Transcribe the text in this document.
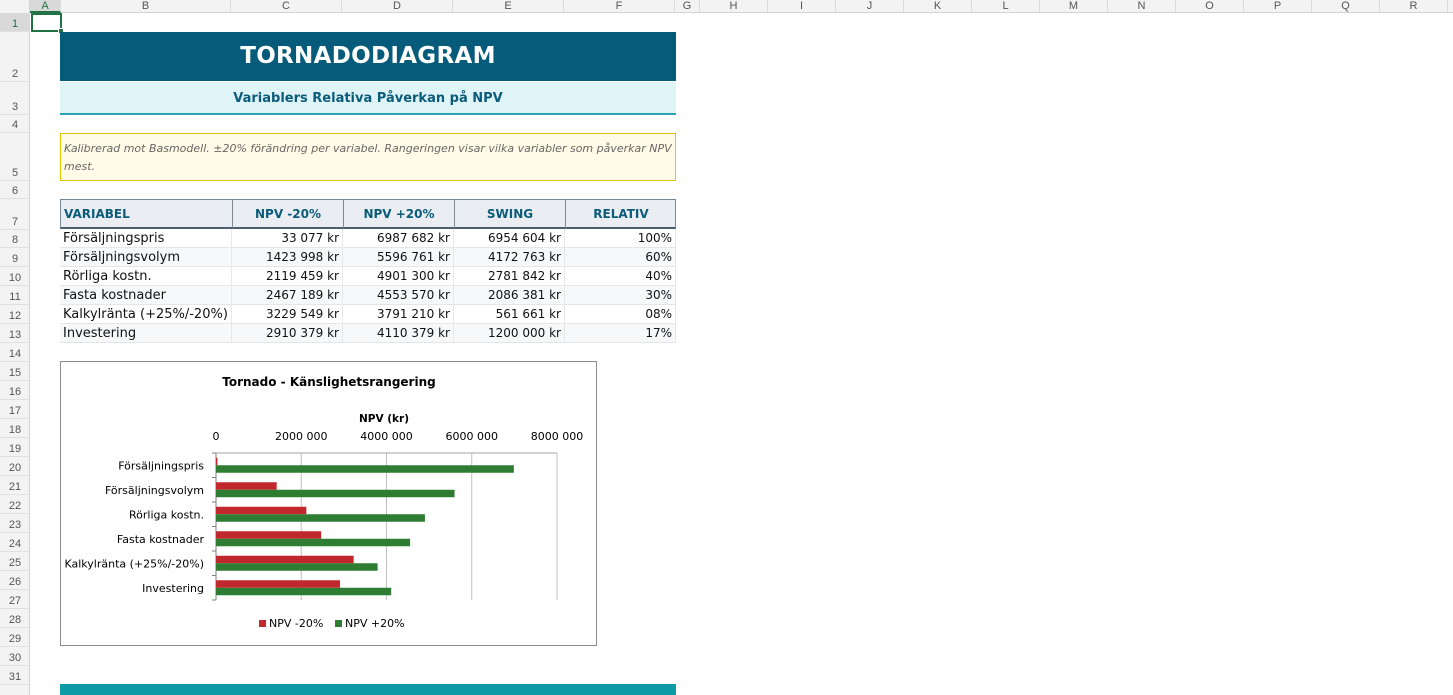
A	B	C	D	E	F	G	H	I	J	K	L	M	N	O	P	Q	R
1
2
3
4
5
6
7
8
9
10
11
12
13
14
15
16
17
18
19
20
21
22
23
24
25
26
27
28
29
30
31
TORNADODIAGRAM
Variablers Relativa Påverkan på NPV
Kalibrerad mot Basmodell. ±20% förändring per variabel. Rangeringen visar vilka variabler som påverkar NPV mest.
VARIABEL	NPV -20%	NPV +20%	SWING	RELATIV
Försäljningspris	33 077 kr	6987 682 kr	6954 604 kr	100%
Försäljningsvolym	1423 998 kr	5596 761 kr	4172 763 kr	60%
Rörliga kostn.	2119 459 kr	4901 300 kr	2781 842 kr	40%
Fasta kostnader	2467 189 kr	4553 570 kr	2086 381 kr	30%
Kalkylränta (+25%/-20%)	3229 549 kr	3791 210 kr	561 661 kr	08%
Investering	2910 379 kr	4110 379 kr	1200 000 kr	17%
Tornado - Känslighetsrangering
NPV (kr)
0	2000 000	4000 000	6000 000	8000 000
Försäljningspris
Försäljningsvolym
Rörliga kostn.
Fasta kostnader
Kalkylränta (+25%/-20%)
Investering
NPV -20% NPV +20%
